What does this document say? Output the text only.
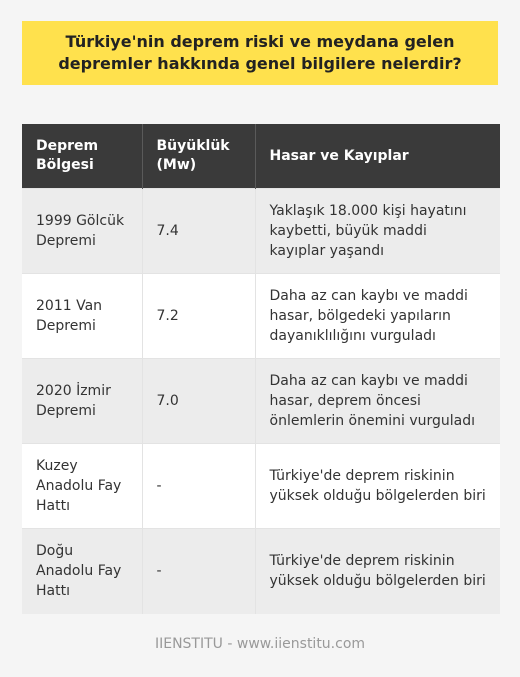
Türkiye'nin deprem riski ve meydana gelen depremler hakkında genel bilgilere nelerdir?
Deprem Bölgesi	Büyüklük (Mw)	Hasar ve Kayıplar
1999 Gölcük Depremi	7.4	Yaklaşık 18.000 kişi hayatını kaybetti, büyük maddi kayıplar yaşandı
2011 Van Depremi	7.2	Daha az can kaybı ve maddi hasar, bölgedeki yapıların dayanıklılığını vurguladı
2020 İzmir Depremi	7.0	Daha az can kaybı ve maddi hasar, deprem öncesi önlemlerin önemini vurguladı
Kuzey Anadolu Fay Hattı	-	Türkiye'de deprem riskinin yüksek olduğu bölgelerden biri
Doğu Anadolu Fay Hattı	-	Türkiye'de deprem riskinin yüksek olduğu bölgelerden biri
IIENSTITU - www.iienstitu.com
